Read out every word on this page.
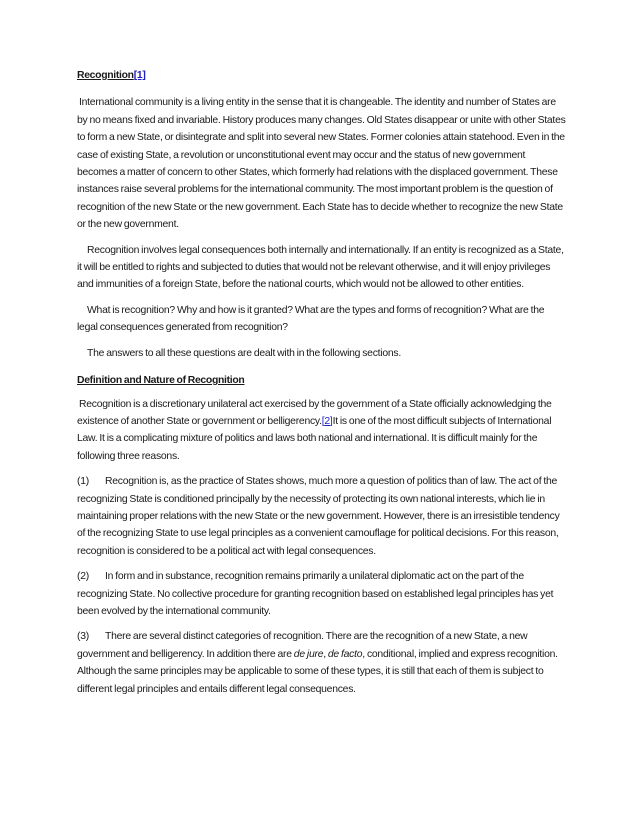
Recognition[1]

International community is a living entity in the sense that it is changeable. The identity and number of States are by no means fixed and invariable. History produces many changes. Old States disappear or unite with other States to form a new State, or disintegrate and split into several new States. Former colonies attain statehood. Even in the case of existing State, a revolution or unconstitutional event may occur and the status of new government becomes a matter of concern to other States, which formerly had relations with the displaced government. These instances raise several problems for the international community. The most important problem is the question of recognition of the new State or the new government. Each State has to decide whether to recognize the new State or the new government.

Recognition involves legal consequences both internally and internationally. If an entity is recognized as a State, it will be entitled to rights and subjected to duties that would not be relevant otherwise, and it will enjoy privileges and immunities of a foreign State, before the national courts, which would not be allowed to other entities.

What is recognition? Why and how is it granted? What are the types and forms of recognition? What are the legal consequences generated from recognition?

The answers to all these questions are dealt with in the following sections.

Definition and Nature of Recognition

Recognition is a discretionary unilateral act exercised by the government of a State officially acknowledging the existence of another State or government or belligerency.[2]It is one of the most difficult subjects of International Law. It is a complicating mixture of politics and laws both national and international. It is difficult mainly for the following three reasons.

(1) Recognition is, as the practice of States shows, much more a question of politics than of law. The act of the recognizing State is conditioned principally by the necessity of protecting its own national interests, which lie in maintaining proper relations with the new State or the new government. However, there is an irresistible tendency of the recognizing State to use legal principles as a convenient camouflage for political decisions. For this reason, recognition is considered to be a political act with legal consequences.

(2) In form and in substance, recognition remains primarily a unilateral diplomatic act on the part of the recognizing State. No collective procedure for granting recognition based on established legal principles has yet been evolved by the international community.

(3) There are several distinct categories of recognition. There are the recognition of a new State, a new government and belligerency. In addition there are de jure, de facto, conditional, implied and express recognition. Although the same principles may be applicable to some of these types, it is still that each of them is subject to different legal principles and entails different legal consequences.
